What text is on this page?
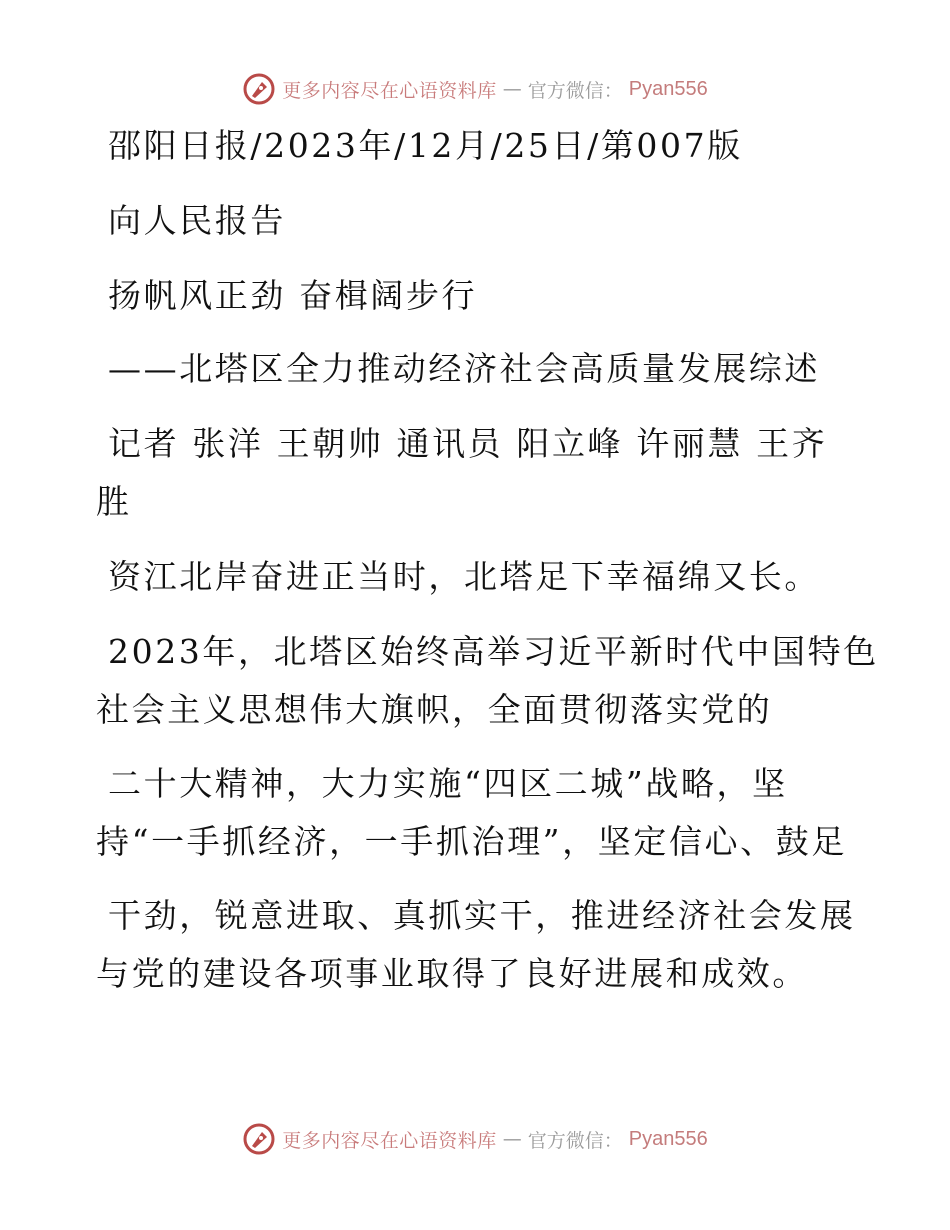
更多内容尽在心语资料库 — 官方微信： Pyan556
邵阳日报/2023年/12月/25日/第007版
向人民报告
扬帆风正劲 奋楫阔步行
——北塔区全力推动经济社会高质量发展综述
记者 张洋 王朝帅 通讯员 阳立峰 许丽慧 王齐
胜
资江北岸奋进正当时，北塔足下幸福绵又长。
2023年，北塔区始终高举习近平新时代中国特色
社会主义思想伟大旗帜，全面贯彻落实党的
二十大精神，大力实施“四区二城”战略，坚
持“一手抓经济，一手抓治理”，坚定信心、鼓足
干劲，锐意进取、真抓实干，推进经济社会发展
与党的建设各项事业取得了良好进展和成效。
更多内容尽在心语资料库 — 官方微信： Pyan556
